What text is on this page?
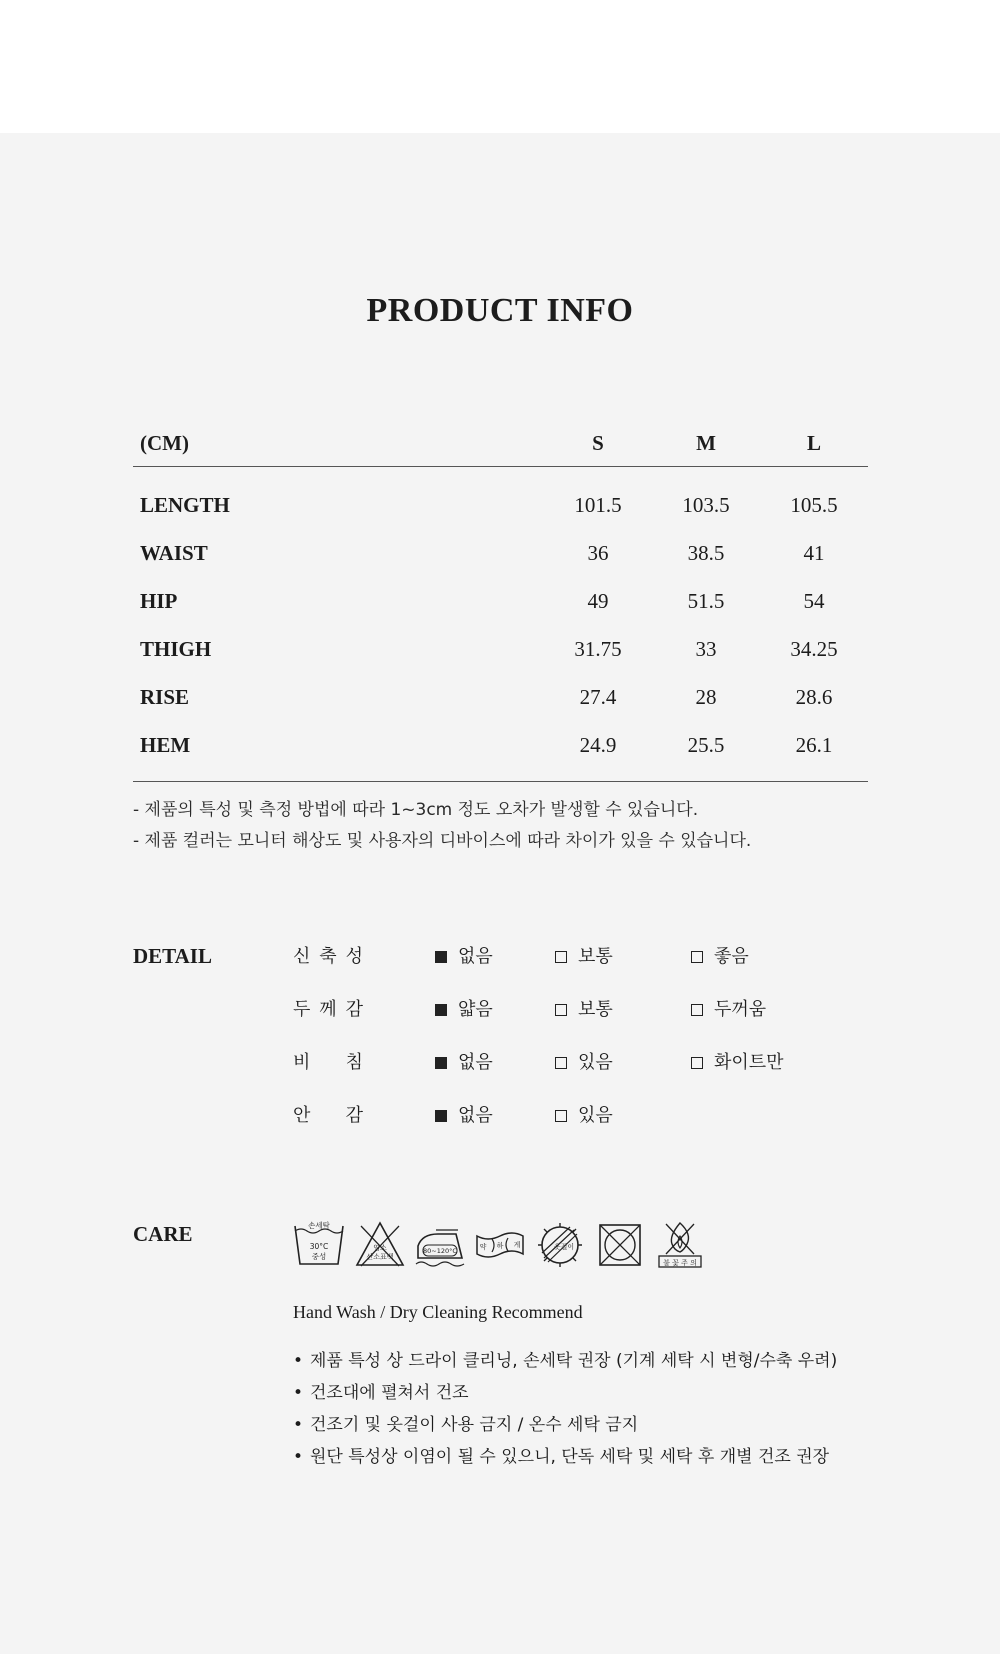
PRODUCT INFO
(CM)	S	M	L
LENGTH	101.5	103.5	105.5
WAIST	36	38.5	41
HIP	49	51.5	54
THIGH	31.75	33	34.25
RISE	27.4	28	28.6
HEM	24.9	25.5	26.1
- 제품의 특성 및 측정 방법에 따라 1~3cm 정도 오차가 발생할 수 있습니다.
- 제품 컬러는 모니터 해상도 및 사용자의 디바이스에 따라 차이가 있을 수 있습니다.
DETAIL	신 축 성	없음	보통	좋음
두 께 감	얇음	보통	두꺼움
비 침	없음	있음	화이트만
안 감	없음	있음
CARE	손세탁
30°C
중성
염소
산소표백
80~120°C	약 하 게	옷걸이
불 꽃 주 의
Hand Wash / Dry Cleaning Recommend
• 제품 특성 상 드라이 클리닝, 손세탁 권장 (기계 세탁 시 변형/수축 우려)
• 건조대에 펼쳐서 건조
• 건조기 및 옷걸이 사용 금지 / 온수 세탁 금지
• 원단 특성상 이염이 될 수 있으니, 단독 세탁 및 세탁 후 개별 건조 권장
